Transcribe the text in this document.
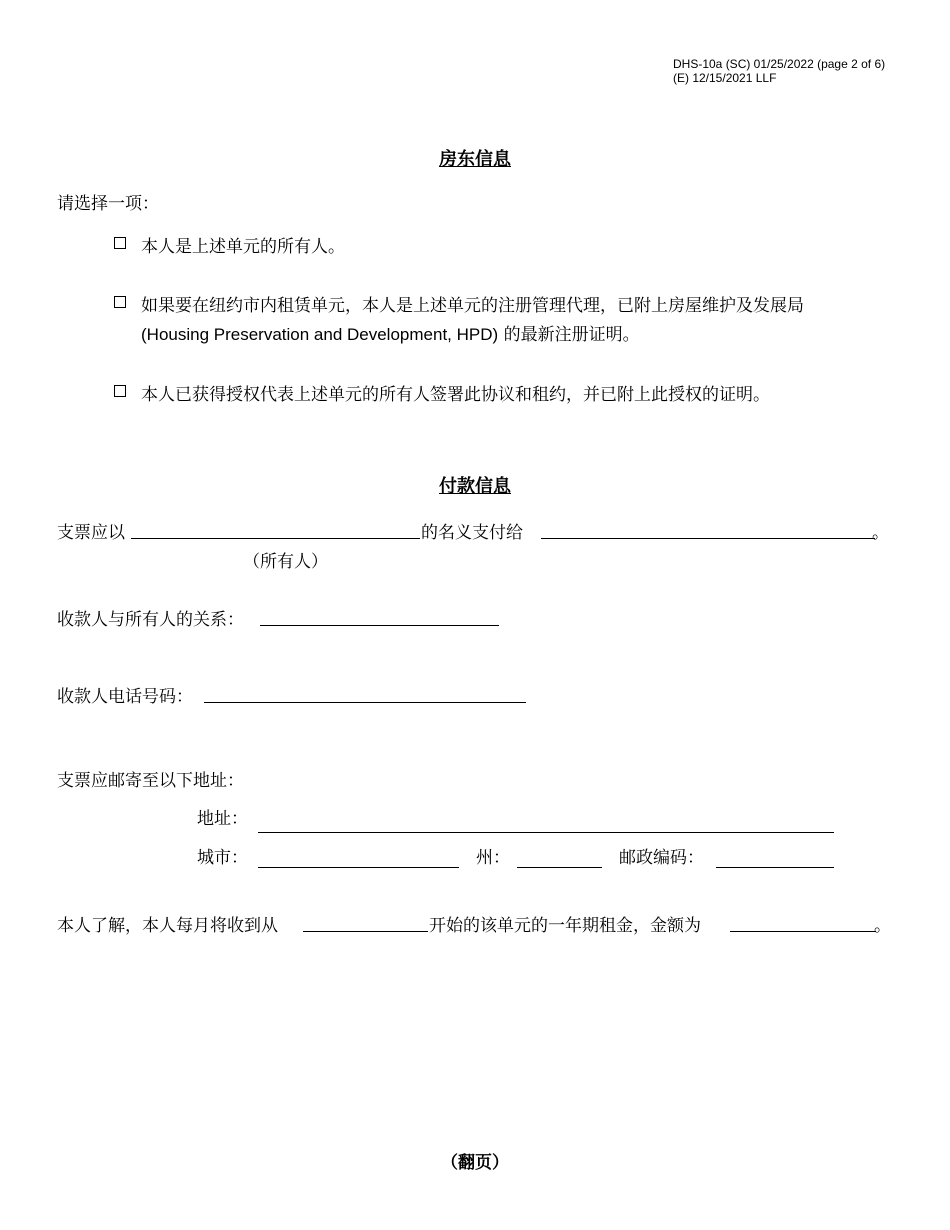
DHS-10a (SC) 01/25/2022 (page 2 of 6)
(E) 12/15/2021 LLF
房东信息
请选择一项：
本人是上述单元的所有人。
如果要在纽约市内租赁单元，本人是上述单元的注册管理代理，已附上房屋维护及发展局
(Housing Preservation and Development, HPD) 的最新注册证明。
本人已获得授权代表上述单元的所有人签署此协议和租约，并已附上此授权的证明。
付款信息
支票应以	的名义支付给	。
（所有人）
收款人与所有人的关系：
收款人电话号码：
支票应邮寄至以下地址：
地址：
城市：	州：	邮政编码：
本人了解，本人每月将收到从	开始的该单元的一年期租金，金额为	。
（翻页）
